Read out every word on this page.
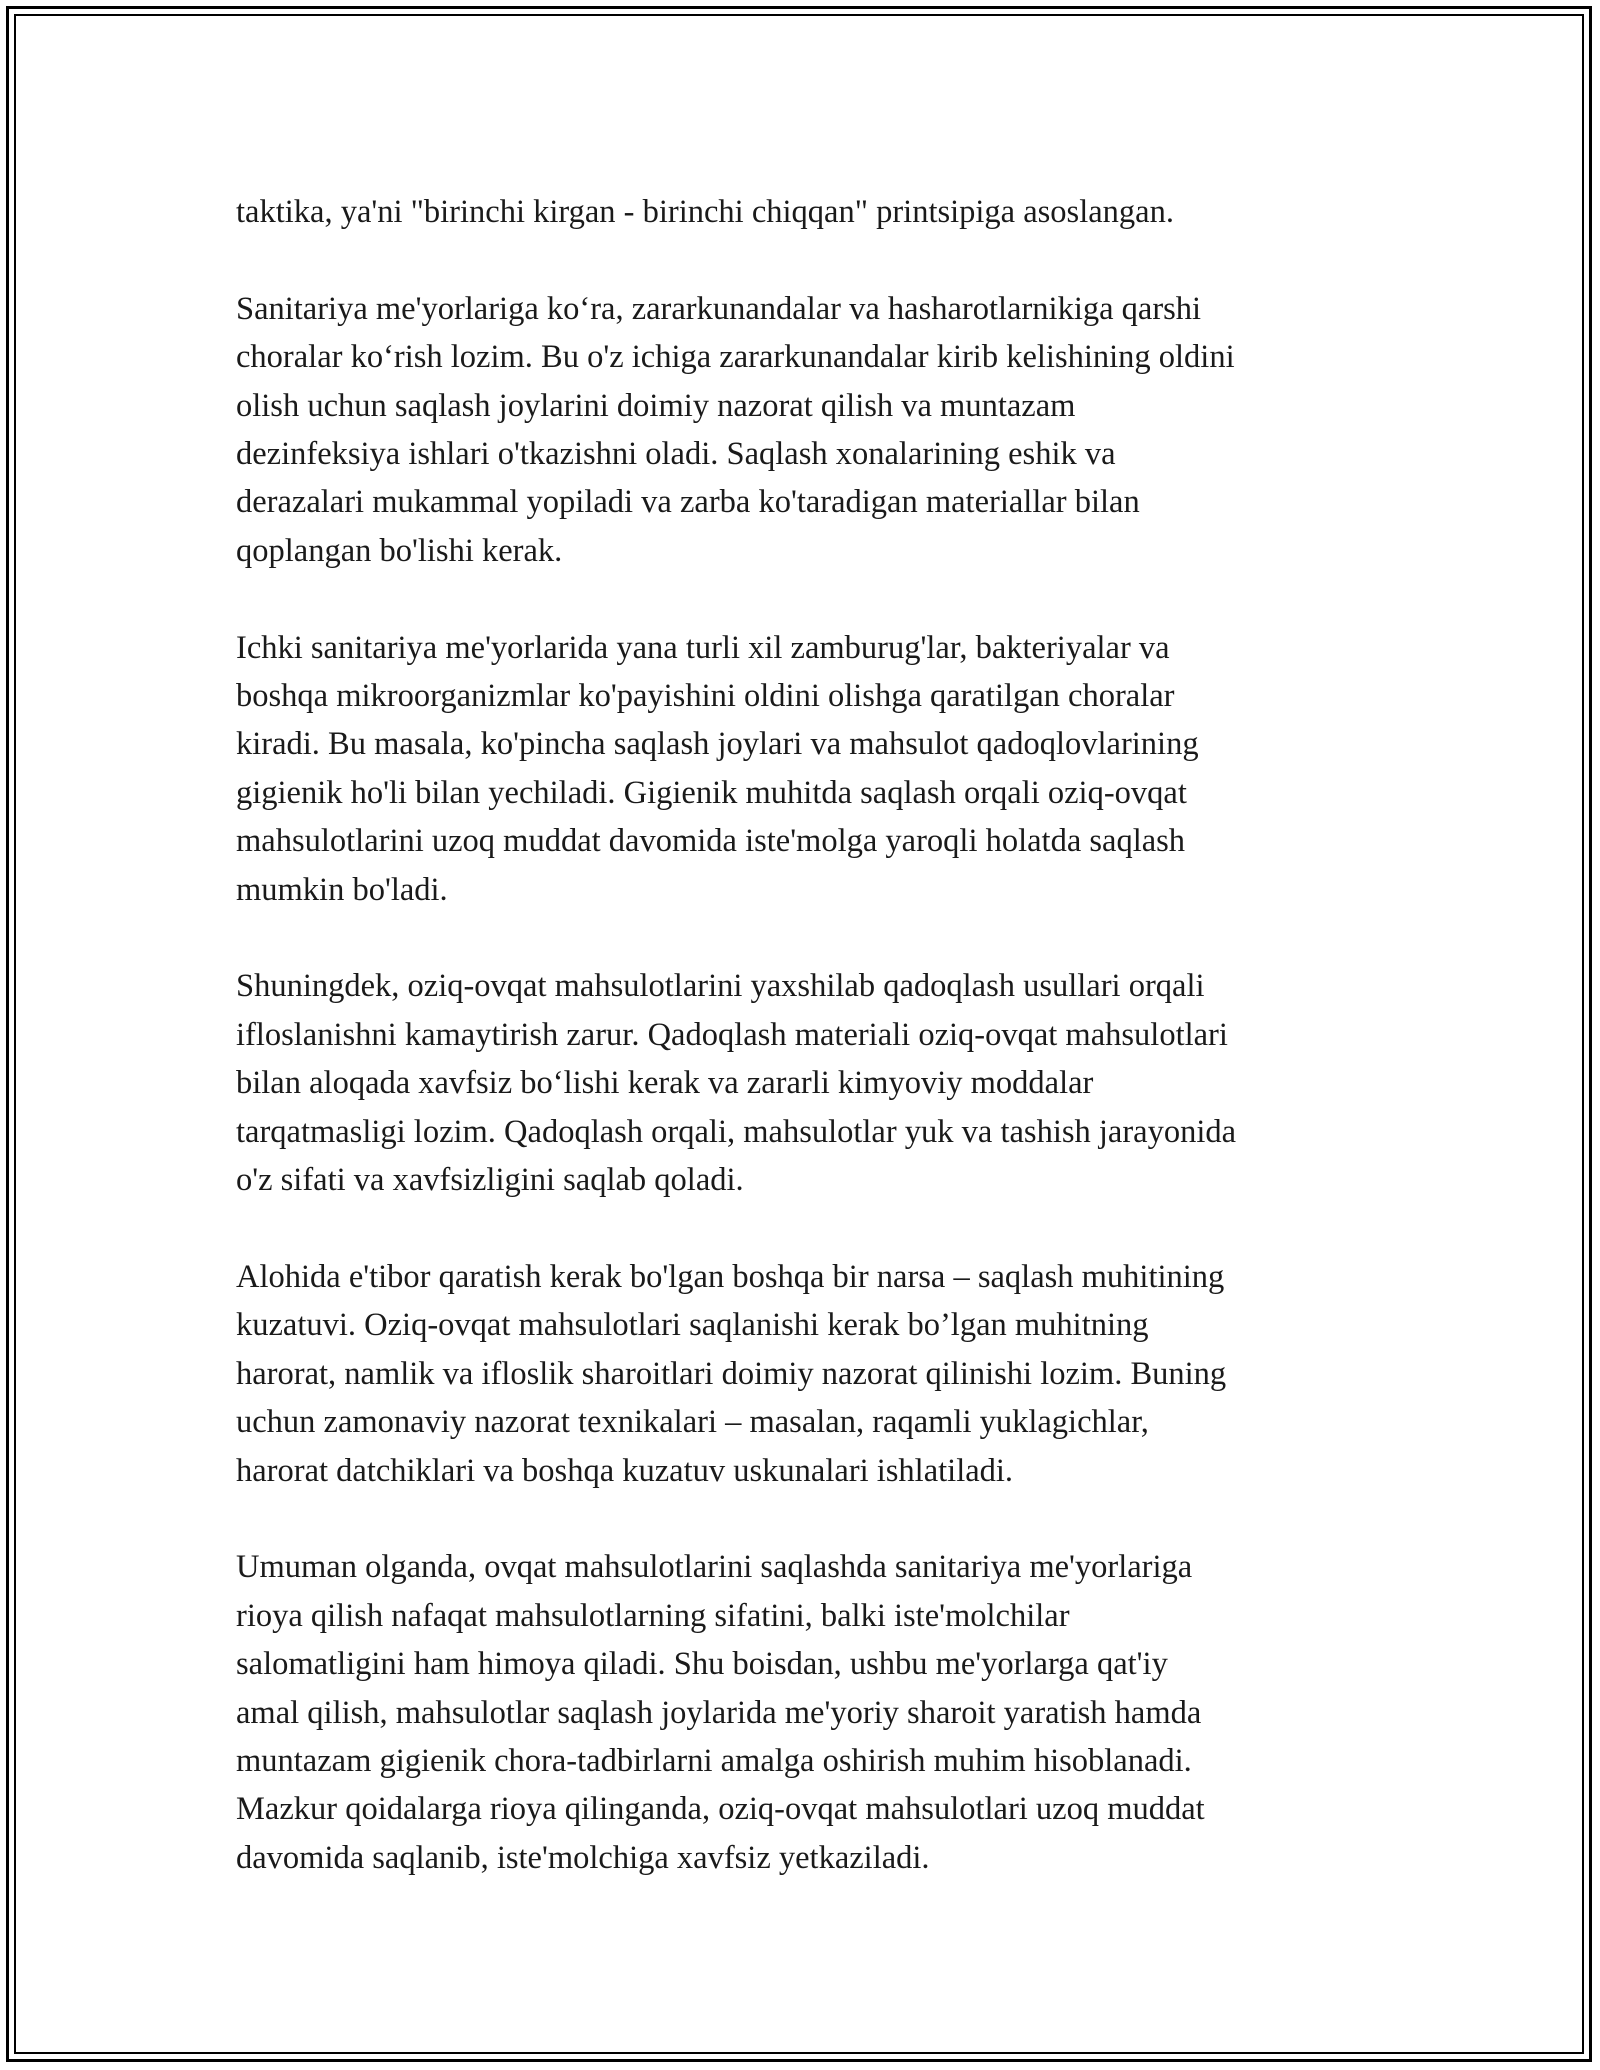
taktika, ya'ni "birinchi kirgan - birinchi chiqqan" printsipiga asoslangan.

Sanitariya me'yorlariga koʻra, zararkunandalar va hasharotlarnikiga qarshi
choralar koʻrish lozim. Bu o'z ichiga zararkunandalar kirib kelishining oldini
olish uchun saqlash joylarini doimiy nazorat qilish va muntazam
dezinfeksiya ishlari o'tkazishni oladi. Saqlash xonalarining eshik va
derazalari mukammal yopiladi va zarba ko'taradigan materiallar bilan
qoplangan bo'lishi kerak.

Ichki sanitariya me'yorlarida yana turli xil zamburug'lar, bakteriyalar va
boshqa mikroorganizmlar ko'payishini oldini olishga qaratilgan choralar
kiradi. Bu masala, ko'pincha saqlash joylari va mahsulot qadoqlovlarining
gigienik ho'li bilan yechiladi. Gigienik muhitda saqlash orqali oziq-ovqat
mahsulotlarini uzoq muddat davomida iste'molga yaroqli holatda saqlash
mumkin bo'ladi.

Shuningdek, oziq-ovqat mahsulotlarini yaxshilab qadoqlash usullari orqali
ifloslanishni kamaytirish zarur. Qadoqlash materiali oziq-ovqat mahsulotlari
bilan aloqada xavfsiz boʻlishi kerak va zararli kimyoviy moddalar
tarqatmasligi lozim. Qadoqlash orqali, mahsulotlar yuk va tashish jarayonida
o'z sifati va xavfsizligini saqlab qoladi.

Alohida e'tibor qaratish kerak bo'lgan boshqa bir narsa – saqlash muhitining
kuzatuvi. Oziq-ovqat mahsulotlari saqlanishi kerak bo’lgan muhitning
harorat, namlik va ifloslik sharoitlari doimiy nazorat qilinishi lozim. Buning
uchun zamonaviy nazorat texnikalari – masalan, raqamli yuklagichlar,
harorat datchiklari va boshqa kuzatuv uskunalari ishlatiladi.

Umuman olganda, ovqat mahsulotlarini saqlashda sanitariya me'yorlariga
rioya qilish nafaqat mahsulotlarning sifatini, balki iste'molchilar
salomatligini ham himoya qiladi. Shu boisdan, ushbu me'yorlarga qat'iy
amal qilish, mahsulotlar saqlash joylarida me'yoriy sharoit yaratish hamda
muntazam gigienik chora-tadbirlarni amalga oshirish muhim hisoblanadi.
Mazkur qoidalarga rioya qilinganda, oziq-ovqat mahsulotlari uzoq muddat
davomida saqlanib, iste'molchiga xavfsiz yetkaziladi.
